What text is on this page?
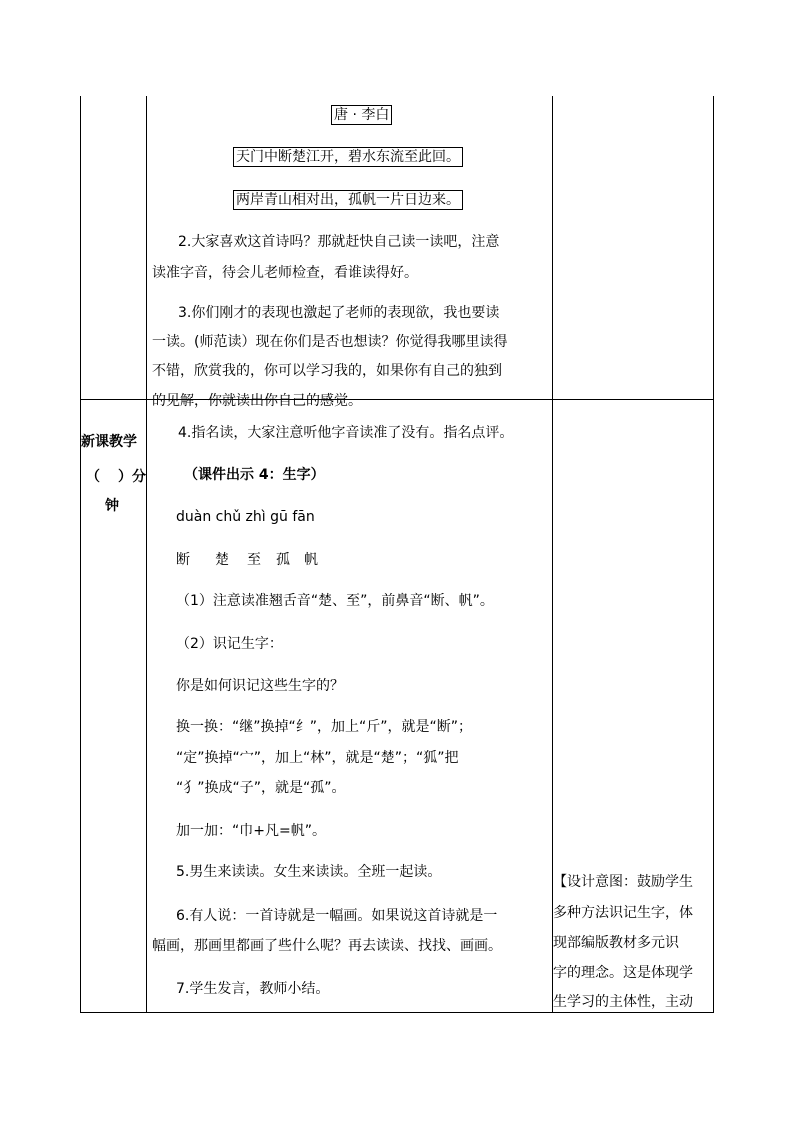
唐 · 李白
天门中断楚江开，碧水东流至此回。
两岸青山相对出，孤帆一片日边来。
2.大家喜欢这首诗吗？那就赶快自己读一读吧，注意
读准字音，待会儿老师检查，看谁读得好。
3.你们刚才的表现也激起了老师的表现欲，我也要读
一读。(师范读）现在你们是否也想读？你觉得我哪里读得
不错，欣赏我的，你可以学习我的，如果你有自己的独到
的见解，你就读出你自己的感觉。
新课教学
（ ）分
钟
4.指名读，大家注意听他字音读准了没有。指名点评。
（课件出示 4：生字）
duàn chǔ zhì gū fān
断 楚 至 孤 帆
（1）注意读准翘舌音“楚、至”，前鼻音“断、帆”。
（2）识记生字：
你是如何识记这些生字的？
换一换：“继”换掉“纟”，加上“斤”，就是“断”；
“定”换掉“宀”，加上“林”，就是“楚”；“狐”把
“犭”换成“子”，就是“孤”。
加一加：“巾+凡=帆”。
5.男生来读读。女生来读读。全班一起读。
6.有人说：一首诗就是一幅画。如果说这首诗就是一
幅画，那画里都画了些什么呢？再去读读、找找、画画。
7.学生发言，教师小结。
【设计意图：鼓励学生
多种方法识记生字，体
现部编版教材多元识
字的理念。这是体现学
生学习的主体性，主动
